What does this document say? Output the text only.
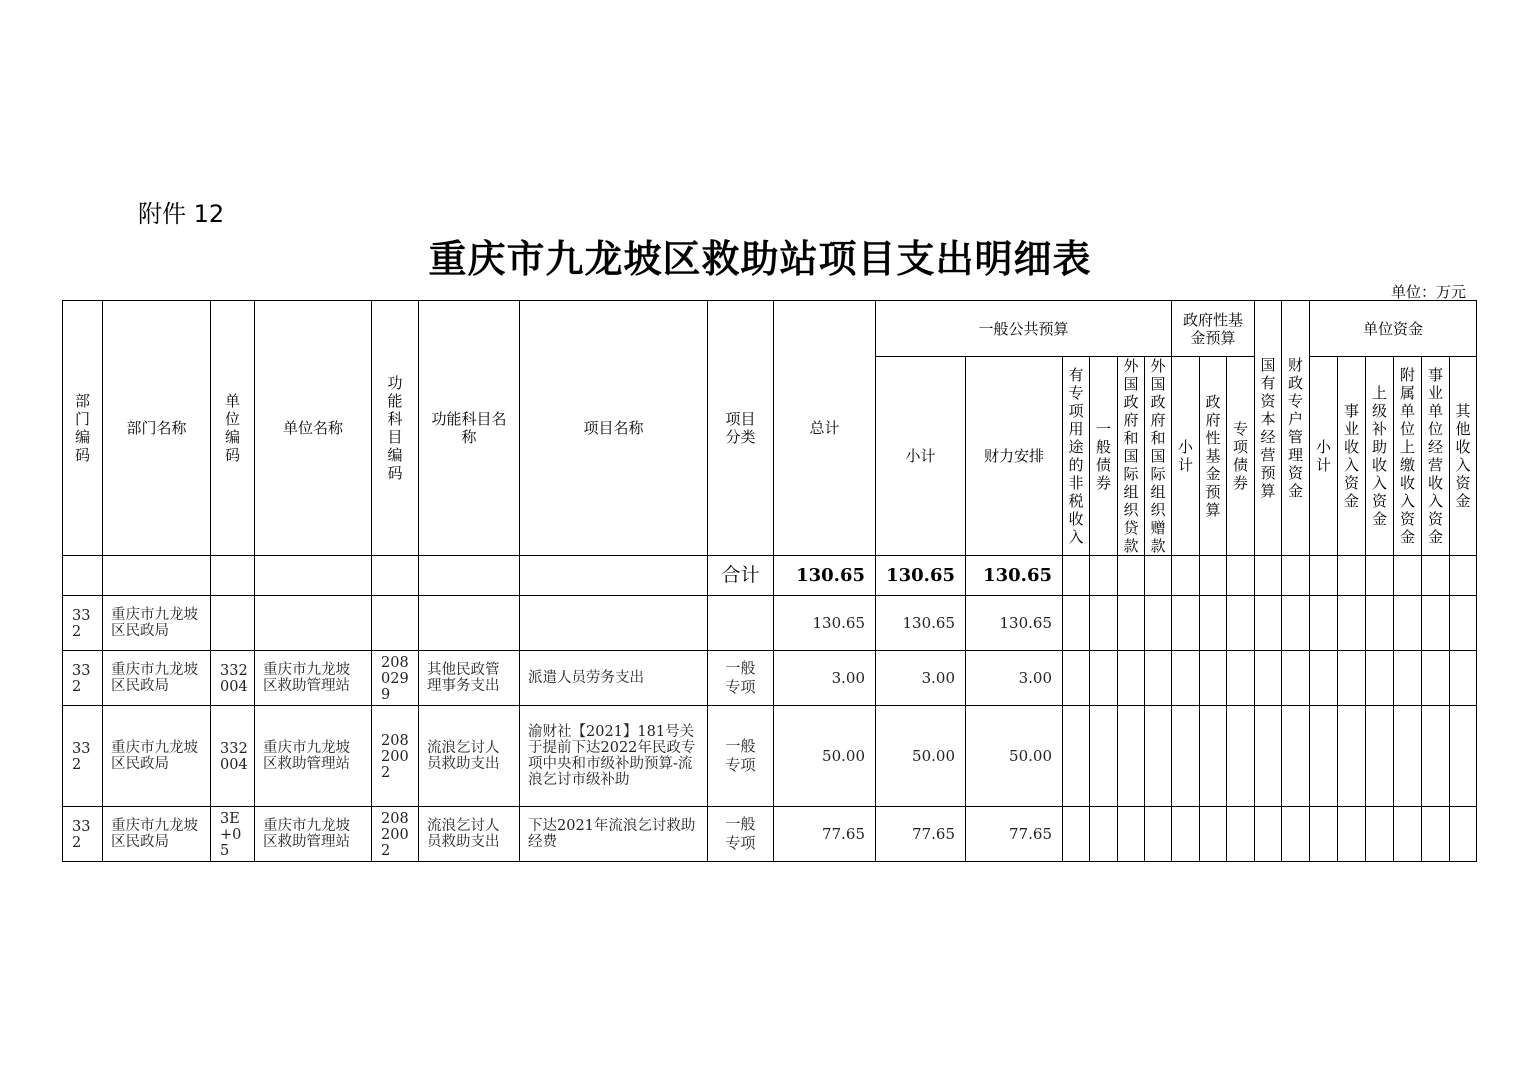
附件 12
重庆市九龙坡区救助站项目支出明细表
单位：万元
部门编码	部门名称	单位编码	单位名称	功能科目编码	功能科目名称	项目名称	项目分类	总计	一般公共预算						政府性基金预算			国有资本经营预算	财政专户管理资金	单位资金					
									小计	财力安排	有专项用途的非税收入	一般债券	外国政府和国际组织贷款	外国政府和国际组织赠款	小计	政府性基金预算	专项债券			小计	事业收入资金	上级补助收入资金	附属单位上缴收入资金	事业单位经营收入资金	其他收入资金
							合计	130.65	130.65	130.65															
332	重庆市九龙坡区民政局							130.65	130.65	130.65															
332	重庆市九龙坡区民政局	332004	重庆市九龙坡区救助管理站	2080299	其他民政管理事务支出	派遣人员劳务支出	一般专项	3.00	3.00	3.00															
332	重庆市九龙坡区民政局	332004	重庆市九龙坡区救助管理站	2082002	流浪乞讨人员救助支出	渝财社【2021】181号关于提前下达2022年民政专项中央和市级补助预算-流浪乞讨市级补助	一般专项	50.00	50.00	50.00															
332	重庆市九龙坡区民政局	3E+05	重庆市九龙坡区救助管理站	2082002	流浪乞讨人员救助支出	下达2021年流浪乞讨救助经费	一般专项	77.65	77.65	77.65															
